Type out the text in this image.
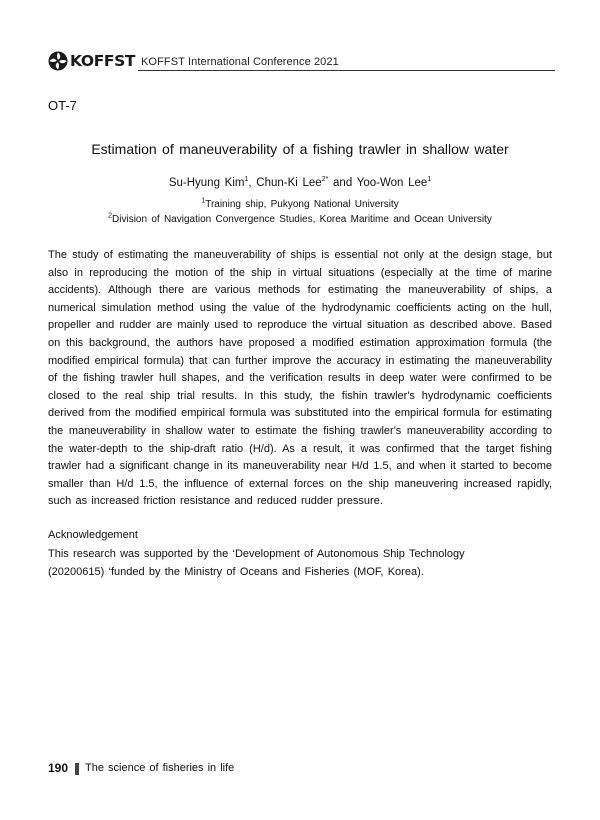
KOFFST KOFFST International Conference 2021
OT-7
Estimation of maneuverability of a fishing trawler in shallow water
Su-Hyung Kim$^1$, Chun-Ki Lee$^{2*}$ and Yoo-Won Lee$^1$
$^1$Training ship, Pukyong National University
$^2$Division of Navigation Convergence Studies, Korea Maritime and Ocean University

The study of estimating the maneuverability of ships is essential not only at the design stage, but also in reproducing the motion of the ship in virtual situations (especially at the time of marine accidents). Although there are various methods for estimating the maneuverability of ships, a numerical simulation method using the value of the hydrodynamic coefficients acting on the hull, propeller and rudder are mainly used to reproduce the virtual situation as described above. Based on this background, the authors have proposed a modified estimation approximation formula (the modified empirical formula) that can further improve the accuracy in estimating the maneuverability of the fishing trawler hull shapes, and the verification results in deep water were confirmed to be closed to the real ship trial results. In this study, the fishin trawler's hydrodynamic coefficients derived from the modified empirical formula was substituted into the empirical formula for estimating the maneuverability in shallow water to estimate the fishing trawler's maneuverability according to the water-depth to the ship-draft ratio (H/d). As a result, it was confirmed that the target fishing trawler had a significant change in its maneuverability near H/d 1.5, and when it started to become smaller than H/d 1.5, the influence of external forces on the ship maneuvering increased rapidly, such as increased friction resistance and reduced rudder pressure.

Acknowledgement

This research was supported by the ‘Development of Autonomous Ship Technology
(20200615) ‘funded by the Ministry of Oceans and Fisheries (MOF, Korea).

190 The science of fisheries in life
